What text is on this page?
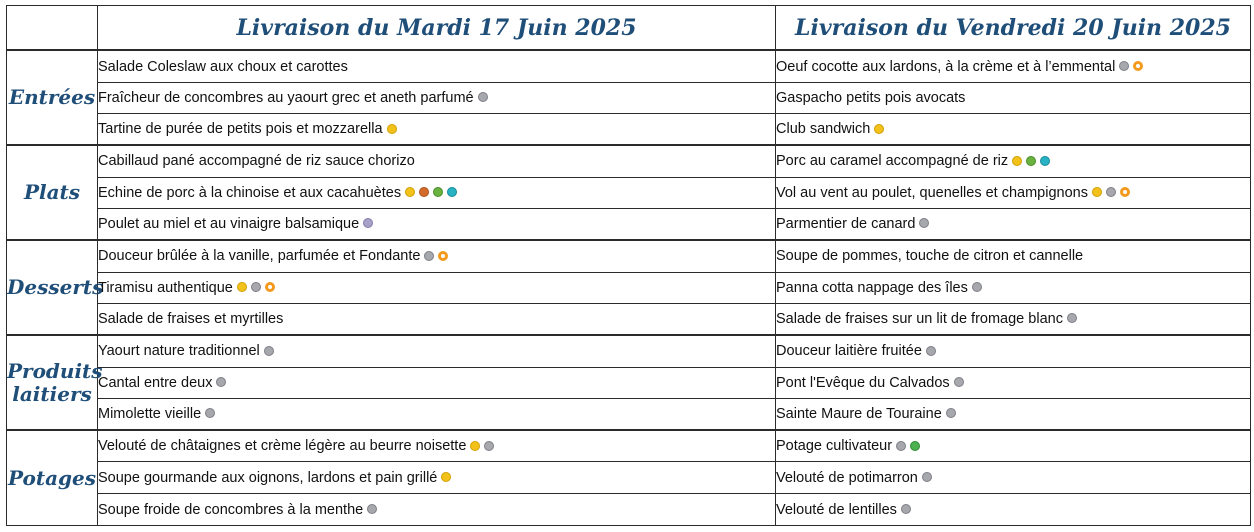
	Livraison du Mardi 17 Juin 2025	Livraison du Vendredi 20 Juin 2025
Entrées	Salade Coleslaw aux choux et carottes	Oeuf cocotte aux lardons, à la crème et à l’emmental
	Fraîcheur de concombres au yaourt grec et aneth parfumé	Gaspacho petits pois avocats
	Tartine de purée de petits pois et mozzarella	Club sandwich
Plats	Cabillaud pané accompagné de riz sauce chorizo	Porc au caramel accompagné de riz
	Echine de porc à la chinoise et aux cacahuètes	Vol au vent au poulet, quenelles et champignons
	Poulet au miel et au vinaigre balsamique	Parmentier de canard
Desserts	Douceur brûlée à la vanille, parfumée et Fondante	Soupe de pommes, touche de citron et cannelle
	Tiramisu authentique	Panna cotta nappage des îles
	Salade de fraises et myrtilles	Salade de fraises sur un lit de fromage blanc
Produits laitiers	Yaourt nature traditionnel	Douceur laitière fruitée
	Cantal entre deux	Pont l'Evêque du Calvados
	Mimolette vieille	Sainte Maure de Touraine
Potages	Velouté de châtaignes et crème légère au beurre noisette	Potage cultivateur
	Soupe gourmande aux oignons, lardons et pain grillé	Velouté de potimarron
	Soupe froide de concombres à la menthe	Velouté de lentilles
